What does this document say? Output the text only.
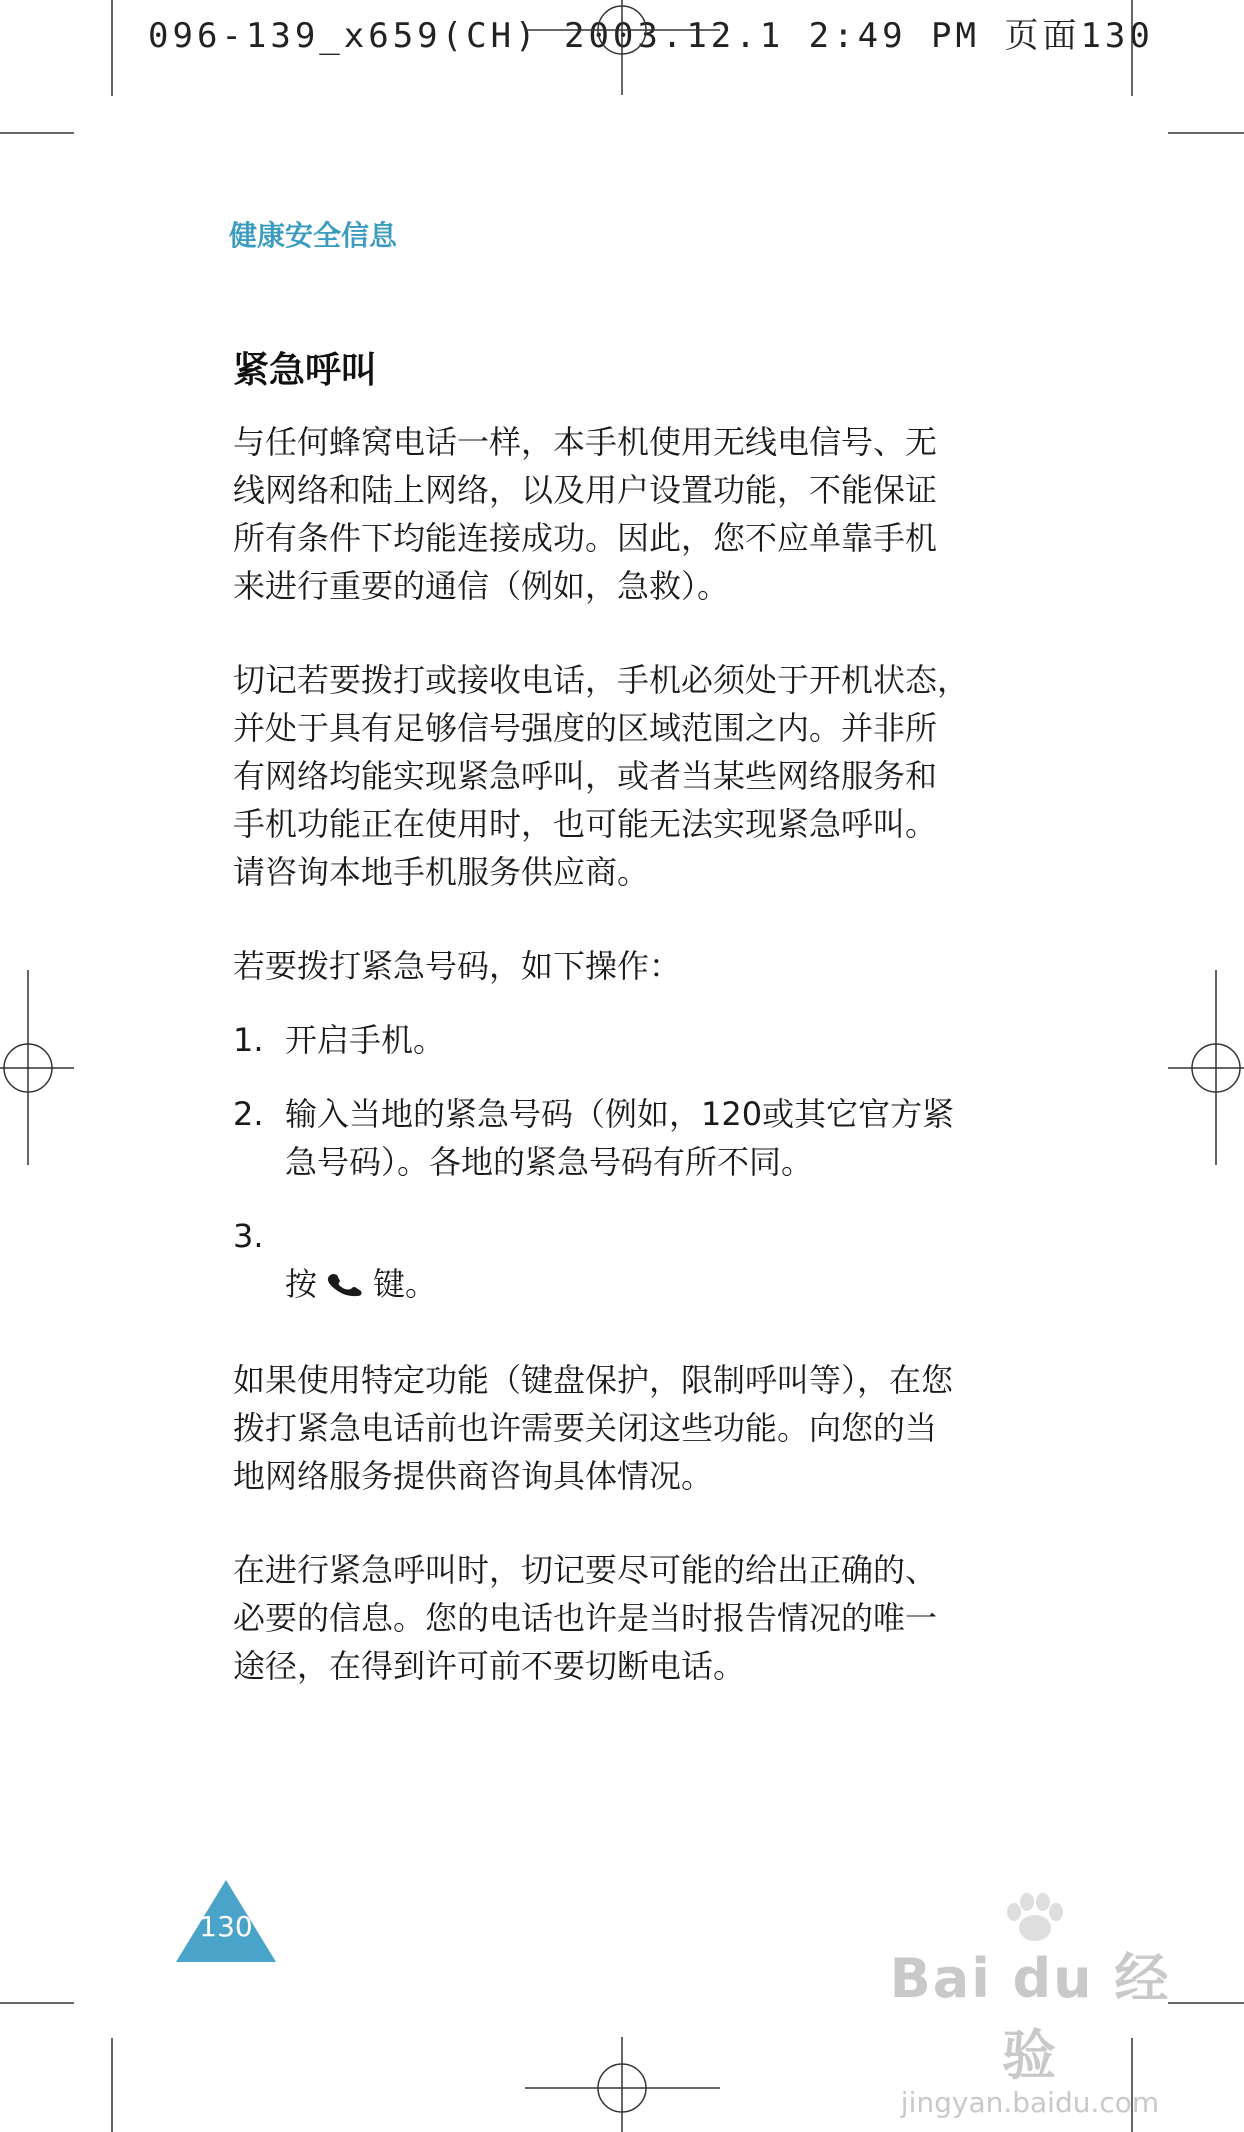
096-139_x659(CH) 2003.12.1 2:49 PM 页面130
健康安全信息
紧急呼叫

与任何蜂窝电话一样，本手机使用无线电信号、无
线网络和陆上网络，以及用户设置功能，不能保证
所有条件下均能连接成功。因此，您不应单靠手机
来进行重要的通信（例如，急救）。

切记若要拨打或接收电话，手机必须处于开机状态，
并处于具有足够信号强度的区域范围之内。并非所
有网络均能实现紧急呼叫，或者当某些网络服务和
手机功能正在使用时，也可能无法实现紧急呼叫。
请咨询本地手机服务供应商。

若要拨打紧急号码，如下操作：

1. 开启手机。
2. 输入当地的紧急号码（例如，120或其它官方紧
急号码）。各地的紧急号码有所不同。
3.

按 键。

如果使用特定功能（键盘保护，限制呼叫等），在您
拨打紧急电话前也许需要关闭这些功能。向您的当
地网络服务提供商咨询具体情况。

在进行紧急呼叫时，切记要尽可能的给出正确的、
必要的信息。您的电话也许是当时报告情况的唯一
途径，在得到许可前不要切断电话。

130
Bai du 经验
jingyan.baidu.com
